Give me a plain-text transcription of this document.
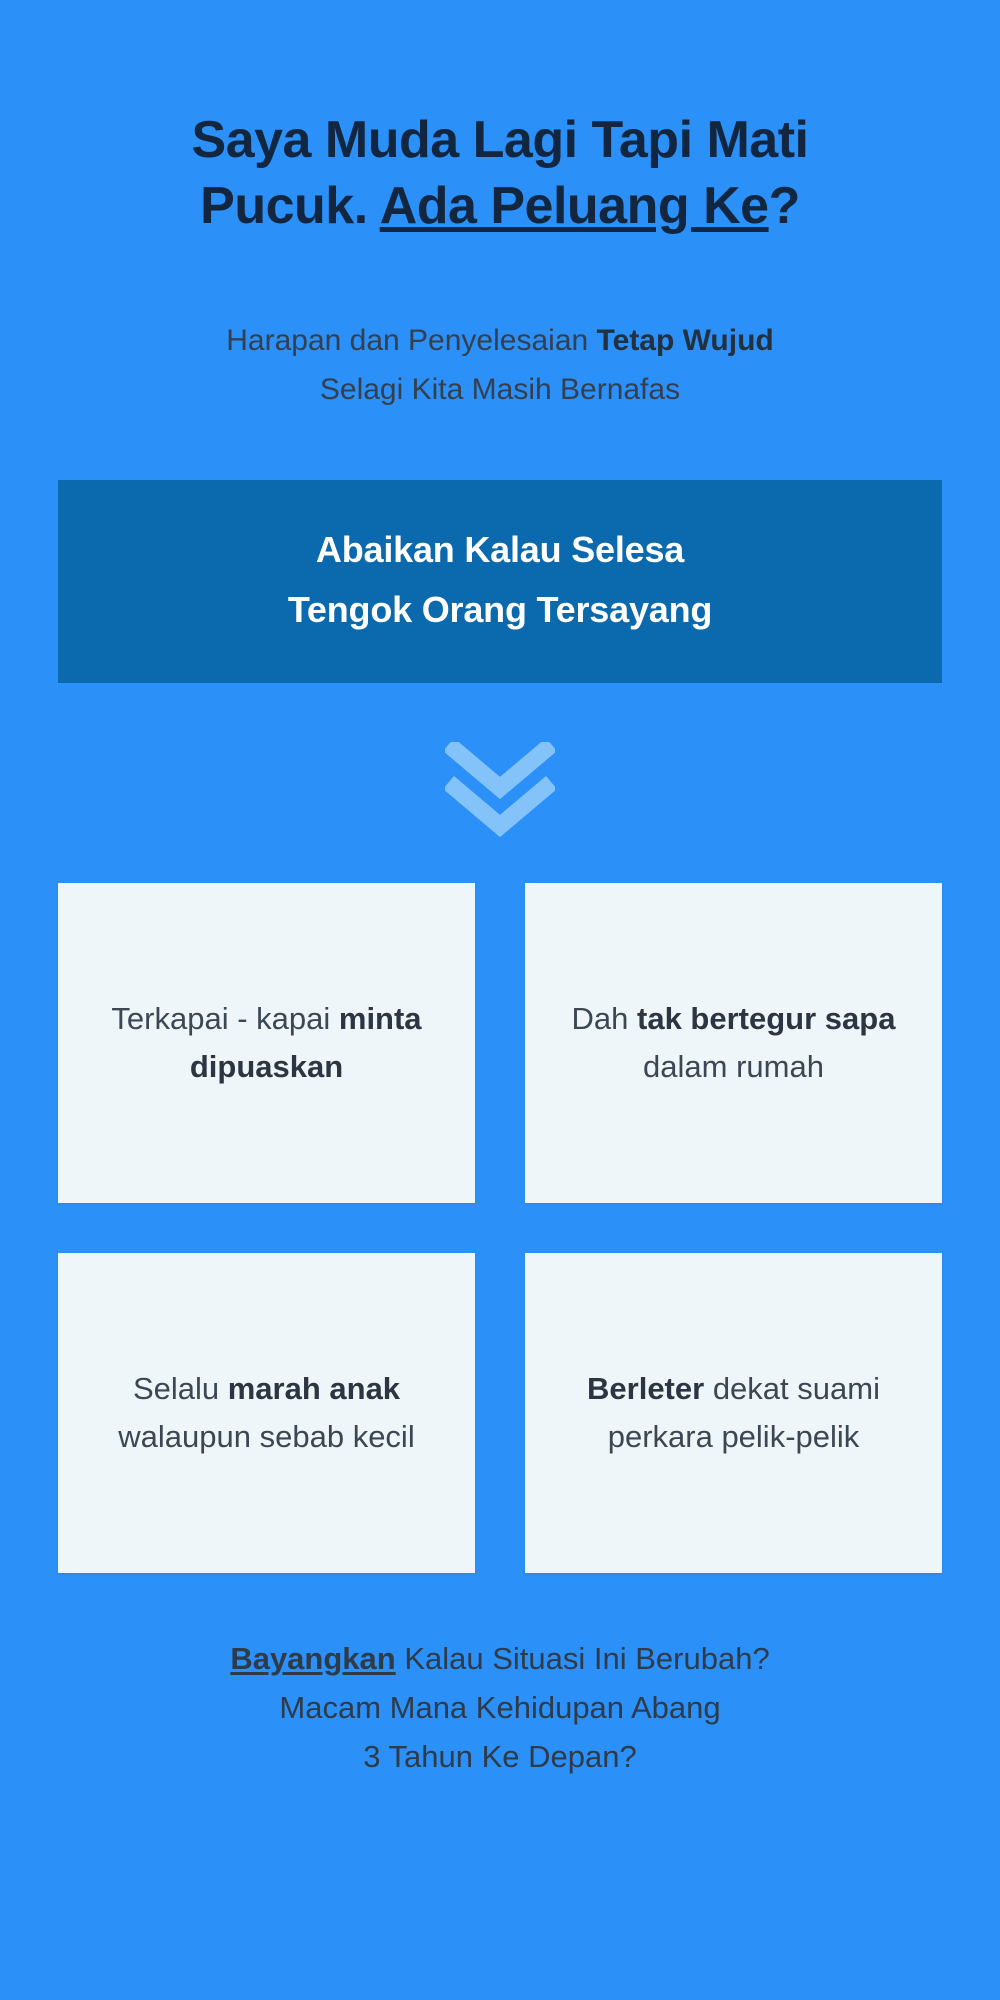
Saya Muda Lagi Tapi Mati
Pucuk. Ada Peluang Ke?
Harapan dan Penyelesaian Tetap Wujud
Selagi Kita Masih Bernafas
Abaikan Kalau Selesa
Tengok Orang Tersayang
Terkapai - kapai minta dipuaskan
Dah tak bertegur sapa dalam rumah
Selalu marah anak walaupun sebab kecil
Berleter dekat suami perkara pelik-pelik
Bayangkan Kalau Situasi Ini Berubah?
Macam Mana Kehidupan Abang
3 Tahun Ke Depan?
